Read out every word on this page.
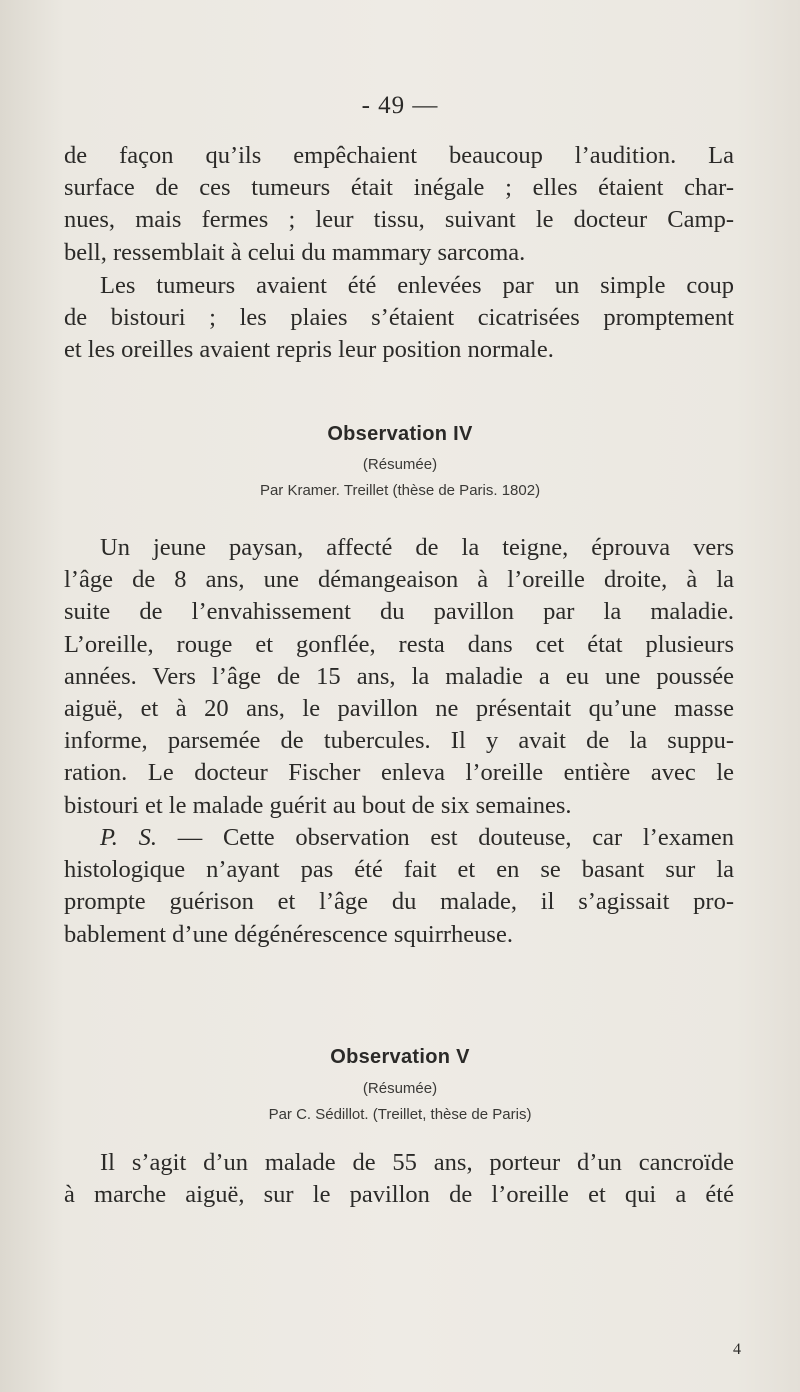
- 49 —
de façon qu’ils empêchaient beaucoup l’audition. La
surface de ces tumeurs était inégale ; elles étaient char-
nues, mais fermes ; leur tissu, suivant le docteur Camp-
bell, ressemblait à celui du mammary sarcoma.
Les tumeurs avaient été enlevées par un simple coup
de bistouri ; les plaies s’étaient cicatrisées promptement
et les oreilles avaient repris leur position normale.
Observation IV
(Résumée)
Par Kramer. Treillet (thèse de Paris. 1802)
Un jeune paysan, affecté de la teigne, éprouva vers
l’âge de 8 ans, une démangeaison à l’oreille droite, à la
suite de l’envahissement du pavillon par la maladie.
L’oreille, rouge et gonflée, resta dans cet état plusieurs
années. Vers l’âge de 15 ans, la maladie a eu une poussée
aiguë, et à 20 ans, le pavillon ne présentait qu’une masse
informe, parsemée de tubercules. Il y avait de la suppu-
ration. Le docteur Fischer enleva l’oreille entière avec le
bistouri et le malade guérit au bout de six semaines.
P. S. — Cette observation est douteuse, car l’examen
histologique n’ayant pas été fait et en se basant sur la
prompte guérison et l’âge du malade, il s’agissait pro-
bablement d’une dégénérescence squirrheuse.
Observation V
(Résumée)
Par C. Sédillot. (Treillet, thèse de Paris)
Il s’agit d’un malade de 55 ans, porteur d’un cancroïde
à marche aiguë, sur le pavillon de l’oreille et qui a été
4
